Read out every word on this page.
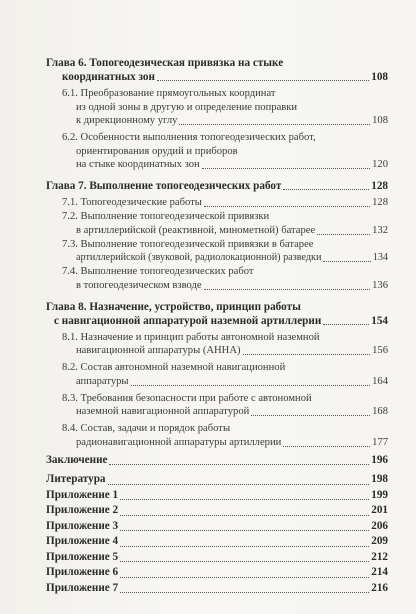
Глава 6. Топогеодезическая привязка на стыке
координатных зон	108
6.1. Преобразование прямоугольных координат
из одной зоны в другую и определение поправки
к дирекционному углу	108
6.2. Особенности выполнения топогеодезических работ,
ориентирования орудий и приборов
на стыке координатных зон	120
Глава 7. Выполнение топогеодезических работ	128
7.1. Топогеодезические работы	128
7.2. Выполнение топогеодезической привязки
в артиллерийской (реактивной, минометной) батарее	132
7.3. Выполнение топогеодезической привязки в батарее
артиллерийской (звуковой, радиолокационной) разведки	134
7.4. Выполнение топогеодезических работ
в топогеодезическом взводе	136
Глава 8. Назначение, устройство, принцип работы
с навигационной аппаратурой наземной артиллерии	154
8.1. Назначение и принцип работы автономной наземной
навигационной аппаратуры (АННА)	156
8.2. Состав автономной наземной навигационной
аппаратуры	164
8.3. Требования безопасности при работе с автономной
наземной навигационной аппаратурой	168
8.4. Состав, задачи и порядок работы
радионавигационной аппаратуры артиллерии	177
Заключение	196
Литература	198
Приложение 1	199
Приложение 2	201
Приложение 3	206
Приложение 4	209
Приложение 5	212
Приложение 6	214
Приложение 7	216
